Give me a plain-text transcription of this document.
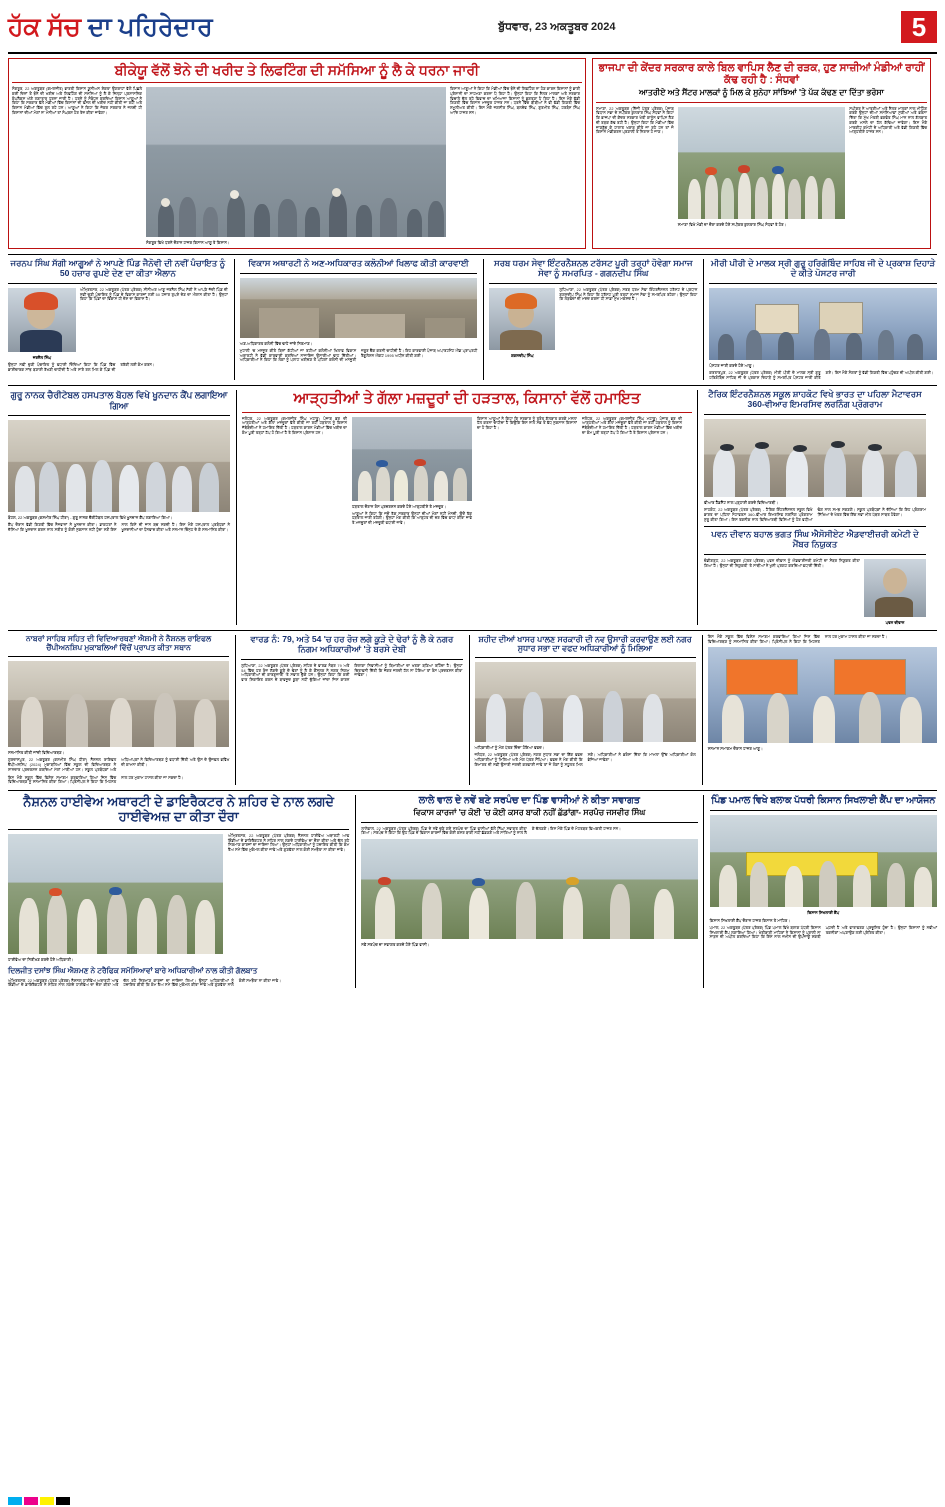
ਹੱਕ ਸੱਚ ਦਾ ਪਹਿਰੇਦਾਰ	ਬੁੱਧਵਾਰ, 23 ਅਕਤੂਬਰ 2024	5
ਬੀਕੇਯੂ ਵੱਲੋਂ ਝੋਨੇ ਦੀ ਖਰੀਦ ਤੇ ਲਿਫਟਿੰਗ ਦੀ ਸਮੱਸਿਆ ਨੂੰ ਲੈ ਕੇ ਧਰਨਾ ਜਾਰੀ
ਸੰਗਰੂਰ, 22 ਅਕਤੂਬਰ (ਕਮਲਜੀਤ) ਭਾਰਤੀ ਕਿਸਾਨ ਯੂਨੀਅਨ ਏਕਤਾ ਉਗਰਾਹਾਂ ਵੱਲੋਂ ਪਿਛਲੇ ਕਈ ਦਿਨਾਂ ਤੋਂ ਝੋਨੇ ਦੀ ਖਰੀਦ ਅਤੇ ਲਿਫਟਿੰਗ ਦੀ ਸਮੱਸਿਆ ਨੂੰ ਲੈ ਕੇ ਜ਼ਿਲ੍ਹਾ ਪ੍ਰਸ਼ਾਸਨਿਕ ਕੰਪਲੈਕਸ ਅੱਗੇ ਲਗਾਤਾਰ ਧਰਨਾ ਜਾਰੀ ਹੈ। ਧਰਨੇ ਨੂੰ ਸੰਬੋਧਨ ਕਰਦਿਆਂ ਕਿਸਾਨ ਆਗੂਆਂ ਨੇ ਕਿਹਾ ਕਿ ਸਰਕਾਰ ਵੱਲੋਂ ਮੰਡੀਆਂ ਵਿੱਚ ਕਿਸਾਨਾਂ ਦੀ ਫਸਲ ਦੀ ਖਰੀਦ ਨਹੀਂ ਕੀਤੀ ਜਾ ਰਹੀ ਅਤੇ ਕਿਸਾਨ ਮੰਡੀਆਂ ਵਿੱਚ ਰੁਲ ਰਹੇ ਹਨ। ਆਗੂਆਂ ਨੇ ਕਿਹਾ ਕਿ ਜੇਕਰ ਸਰਕਾਰ ਨੇ ਜਲਦੀ ਹੀ ਕਿਸਾਨਾਂ ਦੀਆਂ ਮੰਗਾਂ ਨਾ ਮੰਨੀਆਂ ਤਾਂ ਸੰਘਰਸ਼ ਹੋਰ ਤੇਜ਼ ਕੀਤਾ ਜਾਵੇਗਾ।
ਸੰਗਰੂਰ ਵਿਖੇ ਧਰਨੇ ਦੌਰਾਨ ਹਾਜ਼ਰ ਕਿਸਾਨ ਆਗੂ ਤੇ ਕਿਸਾਨ।
ਕਿਸਾਨ ਆਗੂਆਂ ਨੇ ਕਿਹਾ ਕਿ ਮੰਡੀਆਂ ਵਿੱਚ ਝੋਨੇ ਦੀ ਲਿਫਟਿੰਗ ਨਾ ਹੋਣ ਕਾਰਨ ਕਿਸਾਨਾਂ ਨੂੰ ਭਾਰੀ ਪ੍ਰੇਸ਼ਾਨੀ ਦਾ ਸਾਹਮਣਾ ਕਰਨਾ ਪੈ ਰਿਹਾ ਹੈ। ਉਨ੍ਹਾਂ ਕਿਹਾ ਕਿ ਸ਼ੈਲਰ ਮਾਲਕਾਂ ਅਤੇ ਸਰਕਾਰ ਵਿਚਾਲੇ ਚੱਲ ਰਹੇ ਵਿਵਾਦ ਦਾ ਖਮਿਆਜ਼ਾ ਕਿਸਾਨਾਂ ਨੂੰ ਭੁਗਤਣਾ ਪੈ ਰਿਹਾ ਹੈ। ਇਸ ਮੌਕੇ ਵੱਡੀ ਗਿਣਤੀ ਵਿੱਚ ਕਿਸਾਨ ਮਜ਼ਦੂਰ ਹਾਜ਼ਰ ਸਨ। ਧਰਨੇ ਵਿੱਚ ਬੀਬੀਆਂ ਨੇ ਵੀ ਵੱਡੀ ਗਿਣਤੀ ਵਿੱਚ ਸ਼ਮੂਲੀਅਤ ਕੀਤੀ। ਇਸ ਮੌਕੇ ਜਗਸੀਰ ਸਿੰਘ, ਬਲਦੇਵ ਸਿੰਘ, ਗੁਰਮੀਤ ਸਿੰਘ, ਹਰਬੰਸ ਸਿੰਘ ਆਦਿ ਹਾਜ਼ਰ ਸਨ।
ਭਾਜਪਾ ਦੀ ਕੇਂਦਰ ਸਰਕਾਰ ਕਾਲੇ ਬਿਲ ਵਾਪਿਸ ਲੈਣ ਦੀ ਰੜਕ, ਹੁਣ ਸਾਜ਼ੀਆਂ ਮੰਡੀਆਂ ਰਾਹੀਂ ਕੱਢ ਰਹੀ ਹੈ : ਸੰਧਵਾਂ
ਆਤਰੀਏ ਅਤੇ ਸੈਂਟਰ ਮਾਲਕਾਂ ਨੂੰ ਮਿਲ ਕੇ ਸੁਨੇਹਾ ਸਾਂਝਿਆਂ 'ਤੇ ਪੱਕ ਕੱਢਣ ਦਾ ਦਿੱਤਾ ਭਰੋਸਾ
ਸਮਾਣਾ, 22 ਅਕਤੂਬਰ (ਨਿੱਜੀ ਪੱਤਰ ਪ੍ਰੇਰਕ) ਪੰਜਾਬ ਵਿਧਾਨ ਸਭਾ ਦੇ ਸਪੀਕਰ ਕੁਲਤਾਰ ਸਿੰਘ ਸੰਧਵਾਂ ਨੇ ਕਿਹਾ ਕਿ ਭਾਜਪਾ ਦੀ ਕੇਂਦਰ ਸਰਕਾਰ ਖੇਤੀ ਕਾਨੂੰਨ ਵਾਪਿਸ ਲੈਣ ਦੀ ਰੜਕ ਕੱਢ ਰਹੀ ਹੈ। ਉਨ੍ਹਾਂ ਕਿਹਾ ਕਿ ਮੰਡੀਆਂ ਵਿੱਚ ਜਾਣਬੁੱਝ ਕੇ ਹਾਲਾਤ ਖਰਾਬ ਕੀਤੇ ਜਾ ਰਹੇ ਹਨ ਤਾਂ ਜੋ ਕਿਸਾਨ ਮੰਡੀਕਰਨ ਪ੍ਰਣਾਲੀ ਤੋਂ ਨਿਰਾਸ਼ ਹੋ ਜਾਣ।
ਸਮਾਣਾ ਵਿਖੇ ਮੰਡੀ ਦਾ ਦੌਰਾ ਕਰਦੇ ਹੋਏ ਸਪੀਕਰ ਕੁਲਤਾਰ ਸਿੰਘ ਸੰਧਵਾਂ ਤੇ ਹੋਰ।
ਸਪੀਕਰ ਨੇ ਆਤਰੀਆਂ ਅਤੇ ਸ਼ੈਲਰ ਮਾਲਕਾਂ ਨਾਲ ਮੀਟਿੰਗ ਕਰਕੇ ਉਨ੍ਹਾਂ ਦੀਆਂ ਸਮੱਸਿਆਵਾਂ ਸੁਣੀਆਂ ਅਤੇ ਭਰੋਸਾ ਦਿੱਤਾ ਕਿ ਮੁੱਖ ਮੰਤਰੀ ਭਗਵੰਤ ਸਿੰਘ ਮਾਨ ਨਾਲ ਗੱਲਬਾਤ ਕਰਕੇ ਮਸਲੇ ਦਾ ਹੱਲ ਕੱਢਿਆ ਜਾਵੇਗਾ। ਇਸ ਮੌਕੇ ਮਾਰਕੀਟ ਕਮੇਟੀ ਦੇ ਅਧਿਕਾਰੀ ਅਤੇ ਵੱਡੀ ਗਿਣਤੀ ਵਿੱਚ ਆੜ੍ਹਤੀਏ ਹਾਜ਼ਰ ਸਨ।
ਜਰਨਪ ਸਿੰਘ ਸੱਗੀ ਆਗੂਆਂ ਨੇ ਆਪਣੇ ਪਿੰਡ ਜੈਨੋਵੀ ਦੀ ਨਵੀਂ ਪੰਚਾਇਤ ਨੂੰ 50 ਹਜ਼ਾਰ ਰੁਪਏ ਦੇਣ ਦਾ ਕੀਤਾ ਐਲਾਨ
ਜਰਨੈਲ ਸਿੰਘ
ਅੰਮ੍ਰਿਤਸਰ, 22 ਅਕਤੂਬਰ (ਪੱਤਰ ਪ੍ਰੇਰਕ) ਸੀਨੀਅਰ ਆਗੂ ਜਰਨੈਲ ਸਿੰਘ ਸੱਗੀ ਨੇ ਆਪਣੇ ਜੱਦੀ ਪਿੰਡ ਦੀ ਨਵੀਂ ਚੁਣੀ ਪੰਚਾਇਤ ਨੂੰ ਪਿੰਡ ਦੇ ਵਿਕਾਸ ਕਾਰਜਾਂ ਲਈ 50 ਹਜ਼ਾਰ ਰੁਪਏ ਦੇਣ ਦਾ ਐਲਾਨ ਕੀਤਾ ਹੈ। ਉਨ੍ਹਾਂ ਕਿਹਾ ਕਿ ਪਿੰਡਾਂ ਦਾ ਵਿਕਾਸ ਹੀ ਦੇਸ਼ ਦਾ ਵਿਕਾਸ ਹੈ।
ਉਨ੍ਹਾਂ ਨਵੀਂ ਚੁਣੀ ਪੰਚਾਇਤ ਨੂੰ ਵਧਾਈ ਦਿੰਦਿਆਂ ਕਿਹਾ ਕਿ ਪਿੰਡ ਵਿੱਚ ਭਾਈਚਾਰਕ ਸਾਂਝ ਬਣਾਈ ਰੱਖਣੀ ਚਾਹੀਦੀ ਹੈ ਅਤੇ ਸਾਰੇ ਰਲ ਮਿਲ ਕੇ ਪਿੰਡ ਦੀ ਤਰੱਕੀ ਲਈ ਕੰਮ ਕਰਨ।
ਵਿਕਾਸ ਅਥਾਰਟੀ ਨੇ ਅਣ-ਅਧਿਕਾਰਤ ਕਲੋਨੀਆਂ ਖਿਲਾਫ ਕੀਤੀ ਕਾਰਵਾਈ
ਅਣ-ਅਧਿਕਾਰਤ ਕਲੋਨੀ ਵਿੱਚ ਢਾਹੇ ਜਾਂਦੇ ਨਿਰਮਾਣ।
ਮੁਹਾਲੀ 'ਚ ਮਨਜ਼ੂਰ ਕੀਤੇ ਬਿਨਾਂ ਕੱਟੀਆਂ ਜਾ ਰਹੀਆਂ ਕਲੋਨੀਆਂ ਖਿਲਾਫ ਵਿਕਾਸ ਅਥਾਰਟੀ ਨੇ ਵੱਡੀ ਕਾਰਵਾਈ ਕਰਦਿਆਂ ਨਾਜਾਇਜ਼ ਉਸਾਰੀਆਂ ਢਾਹ ਦਿੱਤੀਆਂ। ਅਧਿਕਾਰੀਆਂ ਨੇ ਕਿਹਾ ਕਿ ਲੋਕਾਂ ਨੂੰ ਪਲਾਟ ਖਰੀਦਣ ਤੋਂ ਪਹਿਲਾਂ ਕਲੋਨੀ ਦੀ ਮਨਜ਼ੂਰੀ ਜ਼ਰੂਰ ਚੈੱਕ ਕਰਨੀ ਚਾਹੀਦੀ ਹੈ। ਇਹ ਕਾਰਵਾਈ ਪੰਜਾਬ ਅਪਾਰਟਮੈਂਟ ਐਂਡ ਪ੍ਰਾਪਰਟੀ ਰੈਗੂਲੇਸ਼ਨ ਐਕਟ 1995 ਅਧੀਨ ਕੀਤੀ ਗਈ।
ਸਰਬ ਧਰਮ ਸੇਵਾ ਇੰਟਰਨੈਸ਼ਨਲ ਟਰੱਸਟ ਪੂਰੀ ਤਰ੍ਹਾਂ ਹੋਵੇਗਾ ਸਮਾਜ ਸੇਵਾ ਨੂੰ ਸਮਰਪਿਤ - ਗਗਨਦੀਪ ਸਿੰਘ
ਗਗਨਦੀਪ ਸਿੰਘ
ਲੁਧਿਆਣਾ, 22 ਅਕਤੂਬਰ (ਪੱਤਰ ਪ੍ਰੇਰਕ) ਸਰਬ ਧਰਮ ਸੇਵਾ ਇੰਟਰਨੈਸ਼ਨਲ ਟਰੱਸਟ ਦੇ ਪ੍ਰਧਾਨ ਗਗਨਦੀਪ ਸਿੰਘ ਨੇ ਕਿਹਾ ਕਿ ਟਰੱਸਟ ਪੂਰੀ ਤਰ੍ਹਾਂ ਸਮਾਜ ਸੇਵਾ ਨੂੰ ਸਮਰਪਿਤ ਰਹੇਗਾ। ਉਨ੍ਹਾਂ ਕਿਹਾ ਕਿ ਲੋੜਵੰਦਾਂ ਦੀ ਮਦਦ ਕਰਨਾ ਹੀ ਸਾਡਾ ਮੁੱਖ ਮਕਸਦ ਹੈ।
ਮੀਰੀ ਪੀਰੀ ਦੇ ਮਾਲਕ ਸ੍ਰੀ ਗੁਰੂ ਹਰਿਗੋਬਿੰਦ ਸਾਹਿਬ ਜੀ ਦੇ ਪ੍ਰਕਾਸ਼ ਦਿਹਾੜੇ ਦੇ ਕੀਤੇ ਪੋਸਟਰ ਜਾਰੀ
ਪੋਸਟਰ ਜਾਰੀ ਕਰਦੇ ਹੋਏ ਆਗੂ।
ਕਰਤਾਰਪੁਰ, 22 ਅਕਤੂਬਰ (ਪੱਤਰ ਪ੍ਰੇਰਕ) ਮੀਰੀ ਪੀਰੀ ਦੇ ਮਾਲਕ ਸ੍ਰੀ ਗੁਰੂ ਹਰਿਗੋਬਿੰਦ ਸਾਹਿਬ ਜੀ ਦੇ ਪ੍ਰਕਾਸ਼ ਦਿਹਾੜੇ ਨੂੰ ਸਮਰਪਿਤ ਪੋਸਟਰ ਜਾਰੀ ਕੀਤੇ ਗਏ। ਇਸ ਮੌਕੇ ਸੰਗਤਾਂ ਨੂੰ ਵੱਡੀ ਗਿਣਤੀ ਵਿੱਚ ਪਹੁੰਚਣ ਦੀ ਅਪੀਲ ਕੀਤੀ ਗਈ।
ਗੁਰੂ ਨਾਨਕ ਚੈਰੀਟੇਬਲ ਹਸਪਤਾਲ ਬੋਹਲ ਵਿਖੇ ਖੂਨਦਾਨ ਕੈਂਪ ਲਗਾਇਆ ਗਿਆ
ਬੋਹਲ, 22 ਅਕਤੂਬਰ (ਕਸ਼ਮੀਰ ਸਿੰਘ ਹੀਰਾ) - ਗੁਰੂ ਨਾਨਕ ਚੈਰੀਟੇਬਲ ਹਸਪਤਾਲ ਵਿਖੇ ਖੂਨਦਾਨ ਕੈਂਪ ਲਗਾਇਆ ਗਿਆ।
ਕੈਂਪ ਦੌਰਾਨ ਵੱਡੀ ਗਿਣਤੀ ਵਿੱਚ ਨੌਜਵਾਨਾਂ ਨੇ ਖੂਨਦਾਨ ਕੀਤਾ। ਡਾਕਟਰਾਂ ਨੇ ਦੱਸਿਆ ਕਿ ਖੂਨਦਾਨ ਕਰਨ ਨਾਲ ਸਰੀਰ ਨੂੰ ਕੋਈ ਨੁਕਸਾਨ ਨਹੀਂ ਹੁੰਦਾ ਸਗੋਂ ਇਸ ਨਾਲ ਕਿਸੇ ਦੀ ਜਾਨ ਬਚ ਸਕਦੀ ਹੈ। ਇਸ ਮੌਕੇ ਹਸਪਤਾਲ ਪ੍ਰਬੰਧਕਾਂ ਨੇ ਖੂਨਦਾਨੀਆਂ ਦਾ ਧੰਨਵਾਦ ਕੀਤਾ ਅਤੇ ਸਨਮਾਨ ਚਿੰਨ੍ਹ ਦੇ ਕੇ ਸਨਮਾਨਿਤ ਕੀਤਾ।
ਆੜ੍ਹਤੀਆਂ ਤੇ ਗੱਲਾ ਮਜ਼ਦੂਰਾਂ ਦੀ ਹੜਤਾਲ, ਕਿਸਾਨਾਂ ਵੱਲੋਂ ਹਮਾਇਤ
ਜਲੰਧਰ, 22 ਅਕਤੂਬਰ (ਕਮਲਜੀਤ ਸਿੰਘ ਮਠਾੜੂ) ਪੰਜਾਬ ਭਰ ਦੀ ਆੜ੍ਹਤੀਆਂ ਅਤੇ ਗੱਲਾ ਮਜ਼ਦੂਰਾਂ ਵੱਲੋਂ ਕੀਤੀ ਜਾ ਰਹੀ ਹੜਤਾਲ ਨੂੰ ਕਿਸਾਨ ਜੱਥੇਬੰਦੀਆਂ ਨੇ ਹਮਾਇਤ ਦਿੱਤੀ ਹੈ। ਹੜਤਾਲ ਕਾਰਨ ਮੰਡੀਆਂ ਵਿੱਚ ਖਰੀਦ ਦਾ ਕੰਮ ਪੂਰੀ ਤਰ੍ਹਾਂ ਠੱਪ ਹੋ ਗਿਆ ਹੈ ਤੇ ਕਿਸਾਨ ਪ੍ਰੇਸ਼ਾਨ ਹਨ।
ਹੜਤਾਲ ਦੌਰਾਨ ਰੋਸ ਪ੍ਰਦਰਸ਼ਨ ਕਰਦੇ ਹੋਏ ਆੜ੍ਹਤੀਏ ਤੇ ਮਜ਼ਦੂਰ।
ਆਗੂਆਂ ਨੇ ਕਿਹਾ ਕਿ ਜਦੋਂ ਤੱਕ ਸਰਕਾਰ ਉਨ੍ਹਾਂ ਦੀਆਂ ਮੰਗਾਂ ਨਹੀਂ ਮੰਨਦੀ, ਉਦੋਂ ਤੱਕ ਹੜਤਾਲ ਜਾਰੀ ਰਹੇਗੀ। ਉਨ੍ਹਾਂ ਮੰਗ ਕੀਤੀ ਕਿ ਆੜ੍ਹਤ ਦੀ ਦਰ ਵਿੱਚ ਵਾਧਾ ਕੀਤਾ ਜਾਵੇ ਤੇ ਮਜ਼ਦੂਰਾਂ ਦੀ ਮਜ਼ਦੂਰੀ ਵਧਾਈ ਜਾਵੇ।
ਕਿਸਾਨ ਆਗੂਆਂ ਨੇ ਕਿਹਾ ਕਿ ਸਰਕਾਰ ਨੂੰ ਤੁਰੰਤ ਗੱਲਬਾਤ ਕਰਕੇ ਮਸਲਾ ਹੱਲ ਕਰਨਾ ਚਾਹੀਦਾ ਹੈ ਕਿਉਂਕਿ ਇਸ ਨਾਲ ਸਭ ਤੋਂ ਵੱਧ ਨੁਕਸਾਨ ਕਿਸਾਨਾਂ ਦਾ ਹੋ ਰਿਹਾ ਹੈ।
ਜਲੰਧਰ, 22 ਅਕਤੂਬਰ (ਕਮਲਜੀਤ ਸਿੰਘ ਮਠਾੜੂ) ਪੰਜਾਬ ਭਰ ਦੀ ਆੜ੍ਹਤੀਆਂ ਅਤੇ ਗੱਲਾ ਮਜ਼ਦੂਰਾਂ ਵੱਲੋਂ ਕੀਤੀ ਜਾ ਰਹੀ ਹੜਤਾਲ ਨੂੰ ਕਿਸਾਨ ਜੱਥੇਬੰਦੀਆਂ ਨੇ ਹਮਾਇਤ ਦਿੱਤੀ ਹੈ। ਹੜਤਾਲ ਕਾਰਨ ਮੰਡੀਆਂ ਵਿੱਚ ਖਰੀਦ ਦਾ ਕੰਮ ਪੂਰੀ ਤਰ੍ਹਾਂ ਠੱਪ ਹੋ ਗਿਆ ਹੈ ਤੇ ਕਿਸਾਨ ਪ੍ਰੇਸ਼ਾਨ ਹਨ।
ਟੈਰਿਕ ਇੰਟਰਨੈਸ਼ਨਲ ਸਕੂਲ ਸ਼ਾਹਕੋਟ ਵਿਖੇ ਭਾਰਤ ਦਾ ਪਹਿਲਾ ਮੈਟਾਵਰਸ 360-ਵੀਆਰ ਇਮਰਸਿਵ ਲਰਨਿੰਗ ਪ੍ਰੋਗਰਾਮ
ਵੀਆਰ ਹੈੱਡਸੈੱਟ ਨਾਲ ਪੜ੍ਹਾਈ ਕਰਦੇ ਵਿਦਿਆਰਥੀ।
ਸ਼ਾਹਕੋਟ, 22 ਅਕਤੂਬਰ (ਪੱਤਰ ਪ੍ਰੇਰਕ) - ਟੈਰਿਕ ਇੰਟਰਨੈਸ਼ਨਲ ਸਕੂਲ ਵਿਖੇ ਭਾਰਤ ਦਾ ਪਹਿਲਾ ਮੈਟਾਵਰਸ 360-ਵੀਆਰ ਇਮਰਸਿਵ ਲਰਨਿੰਗ ਪ੍ਰੋਗਰਾਮ ਸ਼ੁਰੂ ਕੀਤਾ ਗਿਆ। ਇਸ ਤਕਨੀਕ ਨਾਲ ਵਿਦਿਆਰਥੀ ਵਿਸ਼ਿਆਂ ਨੂੰ ਹੋਰ ਵਧੀਆ ਢੰਗ ਨਾਲ ਸਮਝ ਸਕਣਗੇ। ਸਕੂਲ ਪ੍ਰਬੰਧਕਾਂ ਨੇ ਦੱਸਿਆ ਕਿ ਇਹ ਪ੍ਰੋਗਰਾਮ ਸਿੱਖਿਆ ਦੇ ਖੇਤਰ ਵਿੱਚ ਇੱਕ ਨਵਾਂ ਮੀਲ ਪੱਥਰ ਸਾਬਤ ਹੋਵੇਗਾ।
ਪਵਨ ਦੀਵਾਨ ਬਹਾਲ ਭਗਤ ਸਿੰਘ ਐਸੋਸੀਏਟ ਐਡਵਾਈਜ਼ਰੀ ਕਮੇਟੀ ਦੇ ਮੈਂਬਰ ਨਿਯੁਕਤ
ਚੰਡੀਗੜ੍ਹ, 22 ਅਕਤੂਬਰ (ਪੱਤਰ ਪ੍ਰੇਰਕ) ਪਵਨ ਦੀਵਾਨ ਨੂੰ ਐਡਵਾਈਜ਼ਰੀ ਕਮੇਟੀ ਦਾ ਮੈਂਬਰ ਨਿਯੁਕਤ ਕੀਤਾ ਗਿਆ ਹੈ। ਉਨ੍ਹਾਂ ਦੀ ਨਿਯੁਕਤੀ 'ਤੇ ਸਾਥੀਆਂ ਨੇ ਖੁਸ਼ੀ ਪ੍ਰਗਟ ਕਰਦਿਆਂ ਵਧਾਈ ਦਿੱਤੀ।
ਪਵਨ ਦੀਵਾਨ
ਨਾਬਰਾਂ ਸਾਹਿਬ ਸਹਿਤ ਦੀ ਵਿਦਿਆਰਥਣਾਂ ਐਸ਼ਮੀ ਨੇ ਨੈਸ਼ਨਲ ਰਾਇਫਲ ਚੈਂਪੀਅਨਸ਼ਿਪ ਮੁਕਾਬਲਿਆਂ ਵਿੱਚੋਂ ਪ੍ਰਾਪਤ ਕੀਤਾ ਸਥਾਨ
ਸਨਮਾਨਿਤ ਕੀਤੀ ਜਾਂਦੀ ਵਿਦਿਆਰਥਣ।
ਗੁਰਦਾਸਪੁਰ, 22 ਅਕਤੂਬਰ (ਕਸ਼ਮੀਰ ਸਿੰਘ ਹੀਰਾ) ਨੈਸ਼ਨਲ ਰਾਇਫਲ ਚੈਂਪੀਅਨਸ਼ਿਪ (2024) ਮੁਕਾਬਲਿਆਂ ਵਿੱਚ ਸਕੂਲ ਦੀ ਵਿਦਿਆਰਥਣ ਨੇ ਸ਼ਾਨਦਾਰ ਪ੍ਰਦਰਸ਼ਨ ਕਰਦਿਆਂ ਮੱਲਾਂ ਮਾਰੀਆਂ ਹਨ। ਸਕੂਲ ਪ੍ਰਬੰਧਕਾਂ ਅਤੇ ਅਧਿਆਪਕਾਂ ਨੇ ਵਿਦਿਆਰਥਣ ਨੂੰ ਵਧਾਈ ਦਿੱਤੀ ਅਤੇ ਉਸ ਦੇ ਉਜਵਲ ਭਵਿੱਖ ਦੀ ਕਾਮਨਾ ਕੀਤੀ।
ਇਸ ਮੌਕੇ ਸਕੂਲ ਵਿੱਚ ਵਿਸ਼ੇਸ਼ ਸਮਾਗਮ ਕਰਵਾਇਆ ਗਿਆ ਜਿਸ ਵਿੱਚ ਵਿਦਿਆਰਥਣ ਨੂੰ ਸਨਮਾਨਿਤ ਕੀਤਾ ਗਿਆ। ਪ੍ਰਿੰਸੀਪਲ ਨੇ ਕਿਹਾ ਕਿ ਮਿਹਨਤ ਨਾਲ ਹਰ ਮੁਕਾਮ ਹਾਸਲ ਕੀਤਾ ਜਾ ਸਕਦਾ ਹੈ।
ਵਾਰਡ ਨੰ: 79, ਅਤੇ 54 'ਚ ਹਰ ਰੋਜ਼ ਲਗੇ ਕੂੜੇ ਦੇ ਢੇਰਾਂ ਨੂੰ ਲੈ ਕੇ ਨਗਰ ਨਿਗਮ ਅਧਿਕਾਰੀਆਂ 'ਤੇ ਬਰਸੇ ਦੇਬੀ
ਲੁਧਿਆਣਾ, 22 ਅਕਤੂਬਰ (ਪੱਤਰ ਪ੍ਰੇਰਕ) ਸ਼ਹਿਰ ਦੇ ਵਾਰਡ ਨੰਬਰ 79 ਅਤੇ 54 ਵਿੱਚ ਹਰ ਰੋਜ਼ ਲੱਗਦੇ ਕੂੜੇ ਦੇ ਢੇਰਾਂ ਨੂੰ ਲੈ ਕੇ ਕੌਂਸਲਰ ਨੇ ਨਗਰ ਨਿਗਮ ਅਧਿਕਾਰੀਆਂ ਦੀ ਕਾਰਗੁਜ਼ਾਰੀ 'ਤੇ ਸਵਾਲ ਚੁੱਕੇ ਹਨ। ਉਨ੍ਹਾਂ ਕਿਹਾ ਕਿ ਕਈ ਵਾਰ ਸ਼ਿਕਾਇਤ ਕਰਨ ਦੇ ਬਾਵਜੂਦ ਕੂੜਾ ਨਹੀਂ ਚੁੱਕਿਆ ਜਾਂਦਾ ਜਿਸ ਕਾਰਨ ਇਲਾਕਾ ਨਿਵਾਸੀਆਂ ਨੂੰ ਬਿਮਾਰੀਆਂ ਦਾ ਖਤਰਾ ਬਣਿਆ ਰਹਿੰਦਾ ਹੈ। ਉਨ੍ਹਾਂ ਚਿਤਾਵਨੀ ਦਿੱਤੀ ਕਿ ਜੇਕਰ ਜਲਦੀ ਹੱਲ ਨਾ ਹੋਇਆ ਤਾਂ ਰੋਸ ਪ੍ਰਦਰਸ਼ਨ ਕੀਤਾ ਜਾਵੇਗਾ।
ਸ਼ਹੀਦ ਦੀਆਂ ਖਾਸਰ ਪਾਲਣ ਸਰਕਾਰੀ ਦੀ ਨਵ ਉਸਾਰੀ ਕਰਵਾਉਣ ਲਈ ਨਗਰ ਸੁਧਾਰ ਸਭਾ ਦਾ ਵਫਦ ਅਧਿਕਾਰੀਆਂ ਨੂੰ ਮਿਲਿਆ
ਅਧਿਕਾਰੀਆਂ ਨੂੰ ਮੰਗ ਪੱਤਰ ਦਿੰਦਾ ਹੋਇਆ ਵਫਦ।
ਜਲੰਧਰ, 22 ਅਕਤੂਬਰ (ਪੱਤਰ ਪ੍ਰੇਰਕ) ਨਗਰ ਸੁਧਾਰ ਸਭਾ ਦਾ ਇੱਕ ਵਫਦ ਅਧਿਕਾਰੀਆਂ ਨੂੰ ਮਿਲਿਆ ਅਤੇ ਮੰਗ ਪੱਤਰ ਸੌਂਪਿਆ। ਵਫਦ ਨੇ ਮੰਗ ਕੀਤੀ ਕਿ ਇਮਾਰਤ ਦੀ ਨਵੀਂ ਉਸਾਰੀ ਜਲਦੀ ਕਰਵਾਈ ਜਾਵੇ ਤਾਂ ਜੋ ਲੋਕਾਂ ਨੂੰ ਸਹੂਲਤ ਮਿਲ ਸਕੇ। ਅਧਿਕਾਰੀਆਂ ਨੇ ਭਰੋਸਾ ਦਿੱਤਾ ਕਿ ਮਾਮਲਾ ਉੱਚ ਅਧਿਕਾਰੀਆਂ ਕੋਲ ਭੇਜਿਆ ਜਾਵੇਗਾ।
ਇਸ ਮੌਕੇ ਸਕੂਲ ਵਿੱਚ ਵਿਸ਼ੇਸ਼ ਸਮਾਗਮ ਕਰਵਾਇਆ ਗਿਆ ਜਿਸ ਵਿੱਚ ਵਿਦਿਆਰਥਣ ਨੂੰ ਸਨਮਾਨਿਤ ਕੀਤਾ ਗਿਆ। ਪ੍ਰਿੰਸੀਪਲ ਨੇ ਕਿਹਾ ਕਿ ਮਿਹਨਤ ਨਾਲ ਹਰ ਮੁਕਾਮ ਹਾਸਲ ਕੀਤਾ ਜਾ ਸਕਦਾ ਹੈ।
ਸਨਮਾਨ ਸਮਾਗਮ ਦੌਰਾਨ ਹਾਜ਼ਰ ਆਗੂ।
ਨੈਸ਼ਨਲ ਹਾਈਵੇਅ ਅਥਾਰਟੀ ਦੇ ਡਾਇਰੈਕਟਰ ਨੇ ਸ਼ਹਿਰ ਦੇ ਨਾਲ ਲਗਦੇ ਹਾਈਵੇਅਜ਼ ਦਾ ਕੀਤਾ ਦੌਰਾ
ਹਾਈਵੇਅ ਦਾ ਨਿਰੀਖਣ ਕਰਦੇ ਹੋਏ ਅਧਿਕਾਰੀ।
ਅੰਮ੍ਰਿਤਸਰ, 22 ਅਕਤੂਬਰ (ਪੱਤਰ ਪ੍ਰੇਰਕ) ਨੈਸ਼ਨਲ ਹਾਈਵੇਅ ਅਥਾਰਟੀ ਆਫ ਇੰਡੀਆ ਦੇ ਡਾਇਰੈਕਟਰ ਨੇ ਸ਼ਹਿਰ ਨਾਲ ਲਗਦੇ ਹਾਈਵੇਅ ਦਾ ਦੌਰਾ ਕੀਤਾ ਅਤੇ ਚੱਲ ਰਹੇ ਨਿਰਮਾਣ ਕਾਰਜਾਂ ਦਾ ਜਾਇਜ਼ਾ ਲਿਆ। ਉਨ੍ਹਾਂ ਅਧਿਕਾਰੀਆਂ ਨੂੰ ਹਦਾਇਤ ਕੀਤੀ ਕਿ ਕੰਮ ਤੈਅ ਸਮੇਂ ਵਿੱਚ ਮੁਕੰਮਲ ਕੀਤਾ ਜਾਵੇ ਅਤੇ ਗੁਣਵੱਤਾ ਨਾਲ ਕੋਈ ਸਮਝੌਤਾ ਨਾ ਕੀਤਾ ਜਾਵੇ।
ਦਿਲਜੀਤ ਦਸਾਂਝ ਸਿੰਘ ਐਸ਼ਮਣ ਨੇ ਟਰੈਫਿਕ ਸਮੱਸਿਆਵਾਂ ਬਾਰੇ ਅਧਿਕਾਰੀਆਂ ਨਾਲ ਕੀਤੀ ਗੱਲਬਾਤ
ਅੰਮ੍ਰਿਤਸਰ, 22 ਅਕਤੂਬਰ (ਪੱਤਰ ਪ੍ਰੇਰਕ) ਨੈਸ਼ਨਲ ਹਾਈਵੇਅ ਅਥਾਰਟੀ ਆਫ ਇੰਡੀਆ ਦੇ ਡਾਇਰੈਕਟਰ ਨੇ ਸ਼ਹਿਰ ਨਾਲ ਲਗਦੇ ਹਾਈਵੇਅ ਦਾ ਦੌਰਾ ਕੀਤਾ ਅਤੇ ਚੱਲ ਰਹੇ ਨਿਰਮਾਣ ਕਾਰਜਾਂ ਦਾ ਜਾਇਜ਼ਾ ਲਿਆ। ਉਨ੍ਹਾਂ ਅਧਿਕਾਰੀਆਂ ਨੂੰ ਹਦਾਇਤ ਕੀਤੀ ਕਿ ਕੰਮ ਤੈਅ ਸਮੇਂ ਵਿੱਚ ਮੁਕੰਮਲ ਕੀਤਾ ਜਾਵੇ ਅਤੇ ਗੁਣਵੱਤਾ ਨਾਲ ਕੋਈ ਸਮਝੌਤਾ ਨਾ ਕੀਤਾ ਜਾਵੇ।
ਲਾਲੇ ਵਾਲ ਦੇ ਨਵੇਂ ਬਣੇ ਸਰਪੰਚ ਦਾ ਪਿੰਡ ਵਾਸੀਆਂ ਨੇ ਕੀਤਾ ਸਵਾਗਤ
ਵਿਕਾਸ ਕਾਰਜਾਂ 'ਚ ਕੋਈ 'ਚ ਕੋਈ ਕਸਰ ਬਾਕੀ ਨਹੀਂ ਛੱਡਾਂਗਾ- ਸਰਪੰਚ ਜਸਵੀਰ ਸਿੰਘ
ਲਾਲੇਵਾਲ, 22 ਅਕਤੂਬਰ (ਪੱਤਰ ਪ੍ਰੇਰਕ) ਪਿੰਡ ਦੇ ਨਵੇਂ ਚੁਣੇ ਗਏ ਸਰਪੰਚ ਦਾ ਪਿੰਡ ਵਾਸੀਆਂ ਵੱਲੋਂ ਨਿੱਘਾ ਸਵਾਗਤ ਕੀਤਾ ਗਿਆ। ਸਰਪੰਚ ਨੇ ਕਿਹਾ ਕਿ ਉਹ ਪਿੰਡ ਦੇ ਵਿਕਾਸ ਕਾਰਜਾਂ ਵਿੱਚ ਕੋਈ ਕਸਰ ਬਾਕੀ ਨਹੀਂ ਛੱਡਣਗੇ ਅਤੇ ਸਾਰਿਆਂ ਨੂੰ ਨਾਲ ਲੈ ਕੇ ਚੱਲਣਗੇ। ਇਸ ਮੌਕੇ ਪਿੰਡ ਦੇ ਮੋਹਤਬਰ ਵਿਅਕਤੀ ਹਾਜ਼ਰ ਸਨ।
ਨਵੇਂ ਸਰਪੰਚ ਦਾ ਸਵਾਗਤ ਕਰਦੇ ਹੋਏ ਪਿੰਡ ਵਾਸੀ।
ਪਿੰਡ ਪਮਾਲ ਵਿਖੇ ਬਲਾਕ ਪੱਧਰੀ ਕਿਸਾਨ ਸਿਖਲਾਈ ਕੈਂਪ ਦਾ ਆਯੋਜਨ
ਕਿਸਾਨ ਸਿਖਲਾਈ ਕੈਂਪ
ਕਿਸਾਨ ਸਿਖਲਾਈ ਕੈਂਪ ਦੌਰਾਨ ਹਾਜ਼ਰ ਕਿਸਾਨ ਤੇ ਮਾਹਿਰ।
ਪਮਾਲ, 22 ਅਕਤੂਬਰ (ਪੱਤਰ ਪ੍ਰੇਰਕ) ਪਿੰਡ ਪਮਾਲ ਵਿਖੇ ਬਲਾਕ ਪੱਧਰੀ ਕਿਸਾਨ ਸਿਖਲਾਈ ਕੈਂਪ ਲਗਾਇਆ ਗਿਆ। ਖੇਤੀਬਾੜੀ ਮਾਹਿਰਾਂ ਨੇ ਕਿਸਾਨਾਂ ਨੂੰ ਪਰਾਲੀ ਨਾ ਸਾੜਨ ਦੀ ਅਪੀਲ ਕਰਦਿਆਂ ਕਿਹਾ ਕਿ ਇਸ ਨਾਲ ਜ਼ਮੀਨ ਦੀ ਉਪਜਾਊ ਸ਼ਕਤੀ ਘਟਦੀ ਹੈ ਅਤੇ ਵਾਤਾਵਰਣ ਪ੍ਰਦੂਸ਼ਿਤ ਹੁੰਦਾ ਹੈ। ਉਨ੍ਹਾਂ ਕਿਸਾਨਾਂ ਨੂੰ ਨਵੀਆਂ ਤਕਨੀਕਾਂ ਅਪਣਾਉਣ ਲਈ ਪ੍ਰੇਰਿਤ ਕੀਤਾ।
